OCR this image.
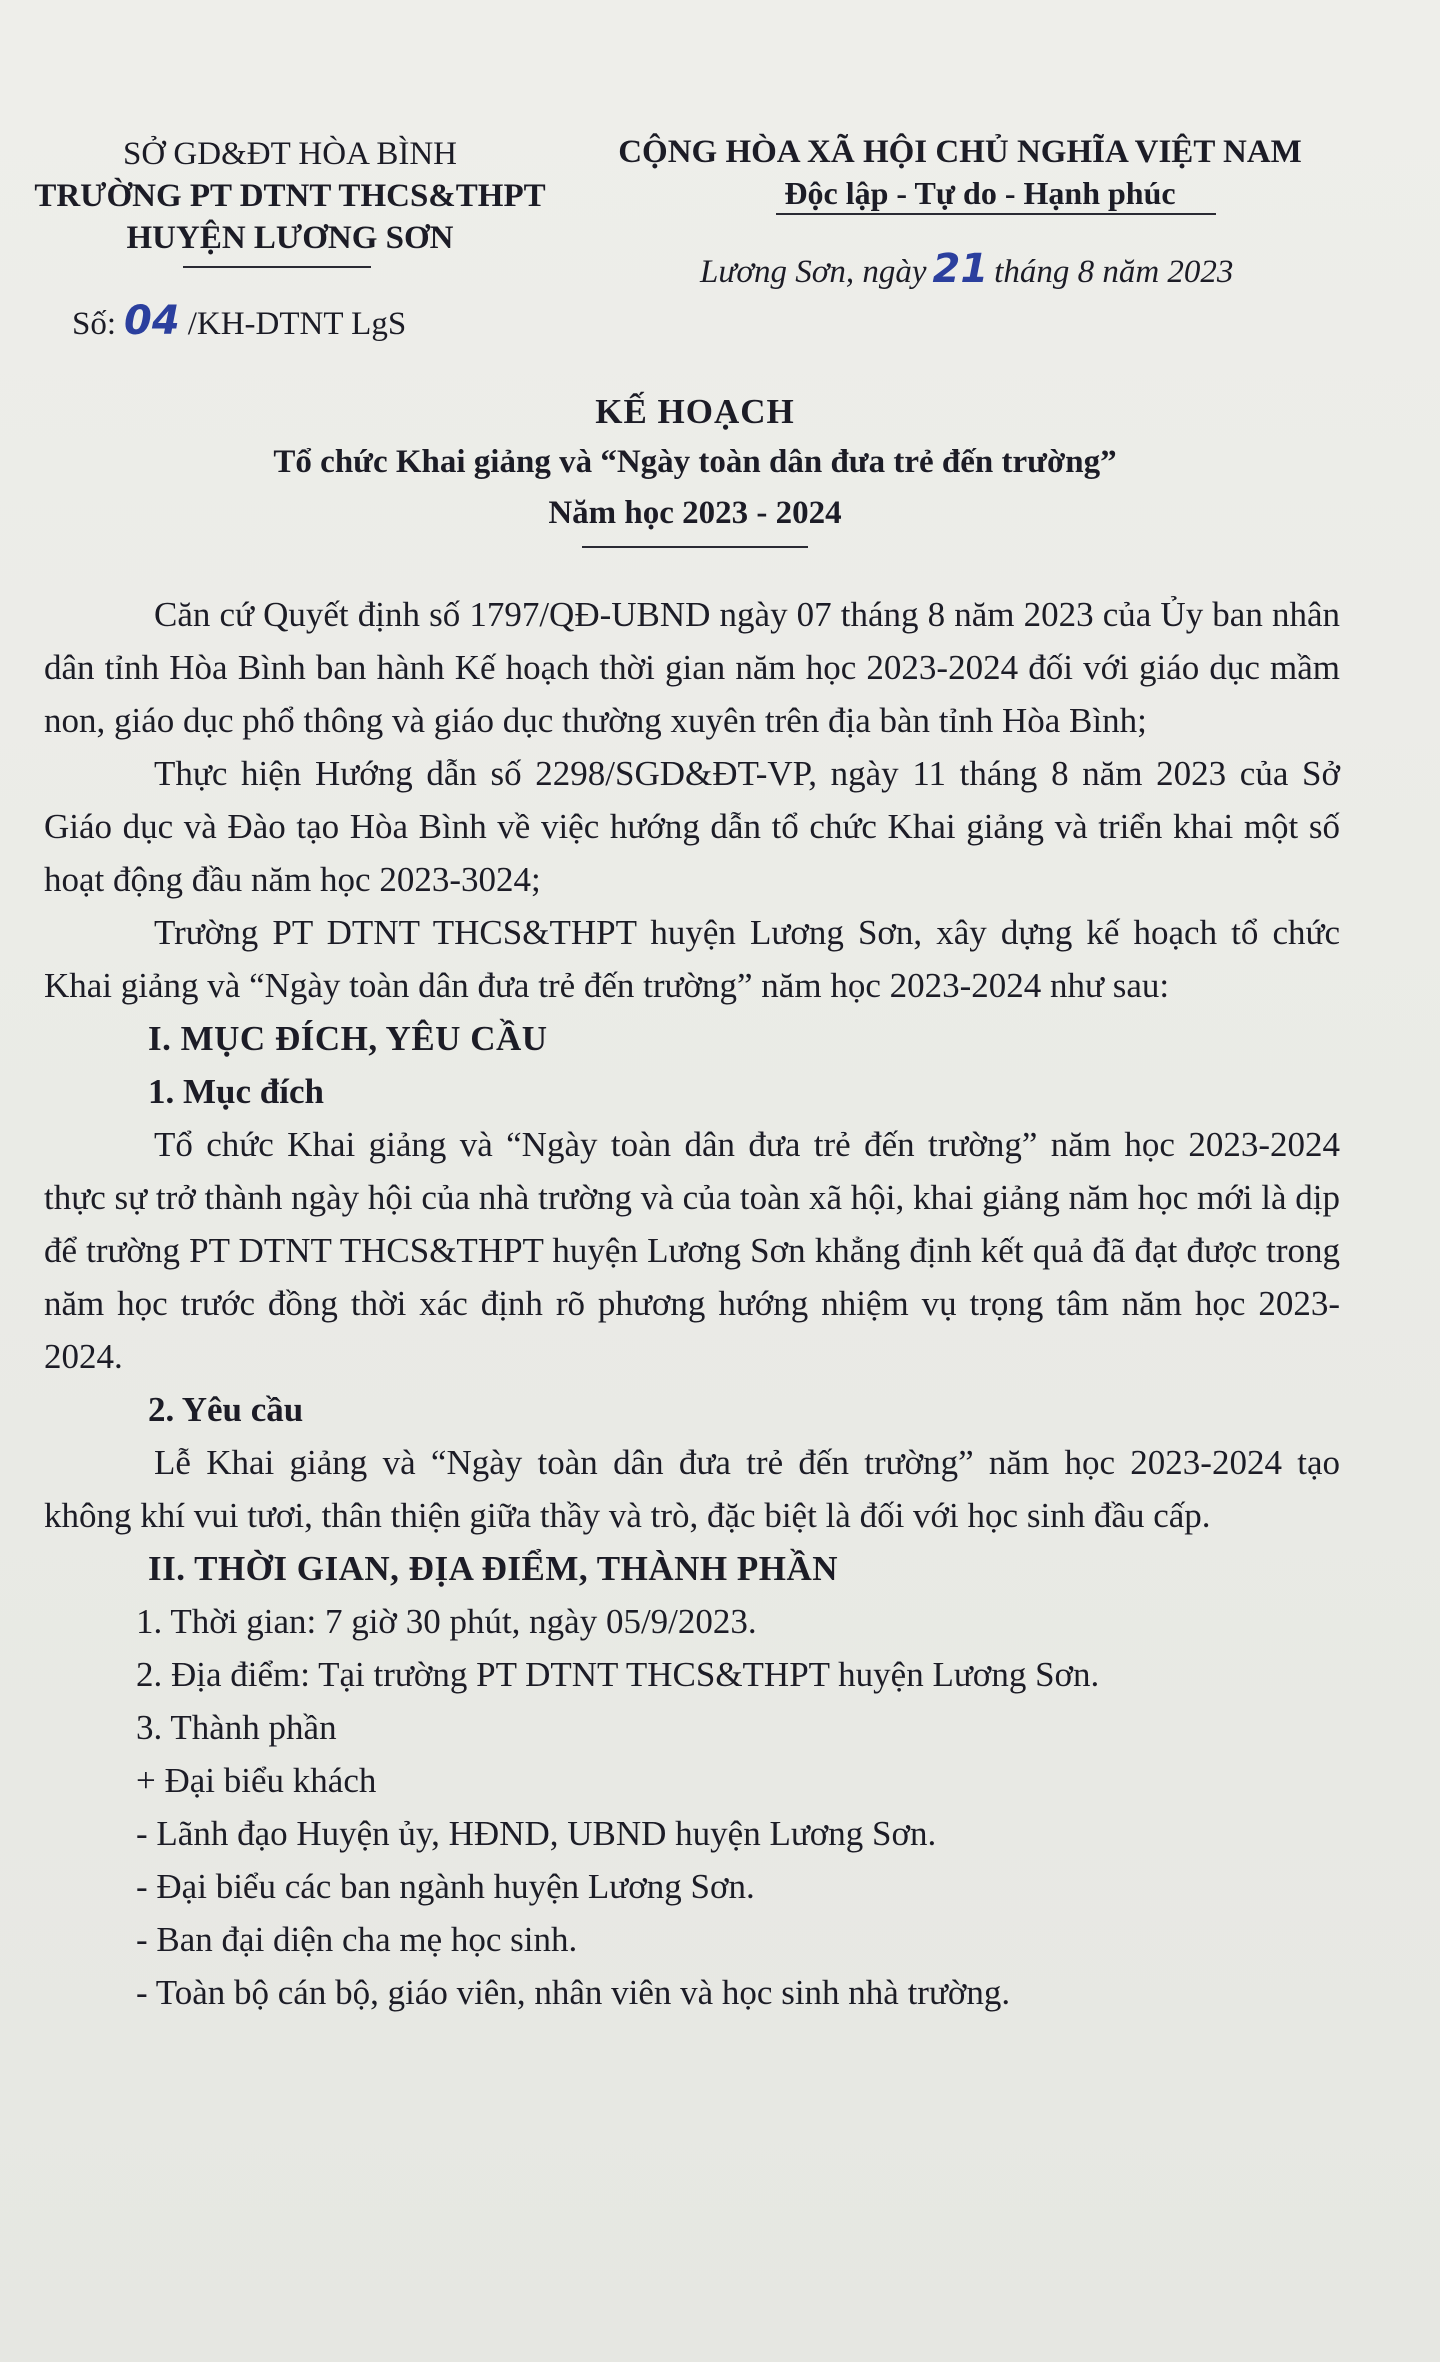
SỞ GD&ĐT HÒA BÌNH
TRƯỜNG PT DTNT THCS&THPT
HUYỆN LƯƠNG SƠN
Số: 04 /KH-DTNT LgS
CỘNG HÒA XÃ HỘI CHỦ NGHĨA VIỆT NAM
Độc lập - Tự do - Hạnh phúc
Lương Sơn, ngày 21 tháng 8 năm 2023
KẾ HOẠCH
Tổ chức Khai giảng và “Ngày toàn dân đưa trẻ đến trường”
Năm học 2023 - 2024

Căn cứ Quyết định số 1797/QĐ-UBND ngày 07 tháng 8 năm 2023 của Ủy ban nhân dân tỉnh Hòa Bình ban hành Kế hoạch thời gian năm học 2023-2024 đối với giáo dục mầm non, giáo dục phổ thông và giáo dục thường xuyên trên địa bàn tỉnh Hòa Bình;

Thực hiện Hướng dẫn số 2298/SGD&ĐT-VP, ngày 11 tháng 8 năm 2023 của Sở Giáo dục và Đào tạo Hòa Bình về việc hướng dẫn tổ chức Khai giảng và triển khai một số hoạt động đầu năm học 2023-3024;

Trường PT DTNT THCS&THPT huyện Lương Sơn, xây dựng kế hoạch tổ chức Khai giảng và “Ngày toàn dân đưa trẻ đến trường” năm học 2023-2024 như sau:

I. MỤC ĐÍCH, YÊU CẦU

1. Mục đích

Tổ chức Khai giảng và “Ngày toàn dân đưa trẻ đến trường” năm học 2023-2024 thực sự trở thành ngày hội của nhà trường và của toàn xã hội, khai giảng năm học mới là dịp để trường PT DTNT THCS&THPT huyện Lương Sơn khẳng định kết quả đã đạt được trong năm học trước đồng thời xác định rõ phương hướng nhiệm vụ trọng tâm năm học 2023-2024.

2. Yêu cầu

Lễ Khai giảng và “Ngày toàn dân đưa trẻ đến trường” năm học 2023-2024 tạo không khí vui tươi, thân thiện giữa thầy và trò, đặc biệt là đối với học sinh đầu cấp.

II. THỜI GIAN, ĐỊA ĐIỂM, THÀNH PHẦN

1. Thời gian: 7 giờ 30 phút, ngày 05/9/2023.

2. Địa điểm: Tại trường PT DTNT THCS&THPT huyện Lương Sơn.

3. Thành phần

+ Đại biểu khách

- Lãnh đạo Huyện ủy, HĐND, UBND huyện Lương Sơn.

- Đại biểu các ban ngành huyện Lương Sơn.

- Ban đại diện cha mẹ học sinh.

- Toàn bộ cán bộ, giáo viên, nhân viên và học sinh nhà trường.
